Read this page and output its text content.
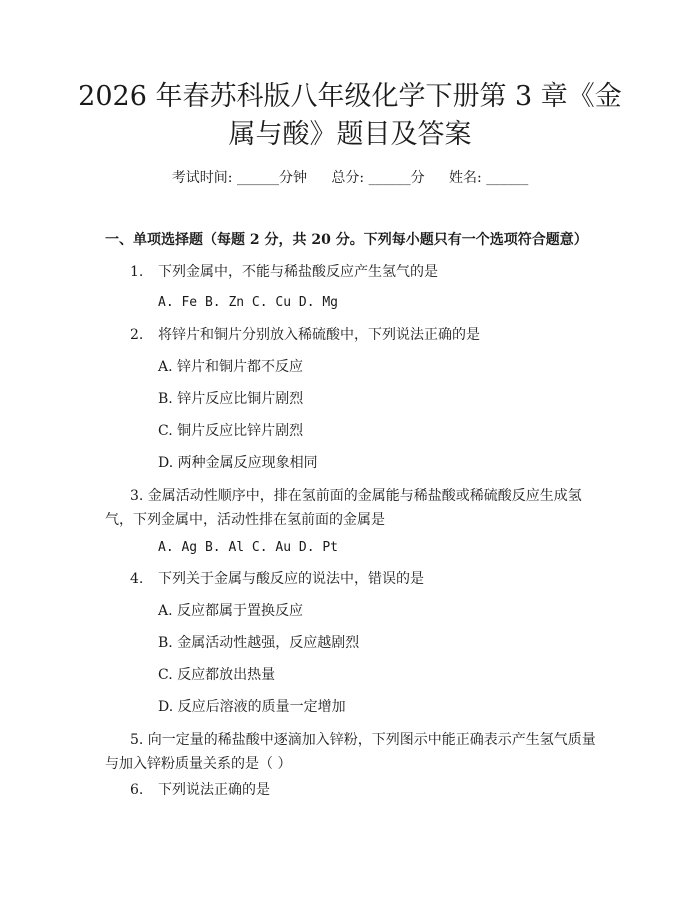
2026 年春苏科版八年级化学下册第 3 章《金
属与酸》题目及答案
考试时间: ______分钟 总分: ______分 姓名: ______
一、单项选择题（每题 2 分，共 20 分。下列每小题只有一个选项符合题意）
1. 下列金属中，不能与稀盐酸反应产生氢气的是
A. Fe B. Zn C. Cu D. Mg
2. 将锌片和铜片分别放入稀硫酸中，下列说法正确的是
A. 锌片和铜片都不反应
B. 锌片反应比铜片剧烈
C. 铜片反应比锌片剧烈
D. 两种金属反应现象相同
3. 金属活动性顺序中，排在氢前面的金属能与稀盐酸或稀硫酸反应生成氢
气，下列金属中，活动性排在氢前面的金属是
A. Ag B. Al C. Au D. Pt
4. 下列关于金属与酸反应的说法中，错误的是
A. 反应都属于置换反应
B. 金属活动性越强，反应越剧烈
C. 反应都放出热量
D. 反应后溶液的质量一定增加
5. 向一定量的稀盐酸中逐滴加入锌粉，下列图示中能正确表示产生氢气质量
与加入锌粉质量关系的是（ ）
6. 下列说法正确的是
